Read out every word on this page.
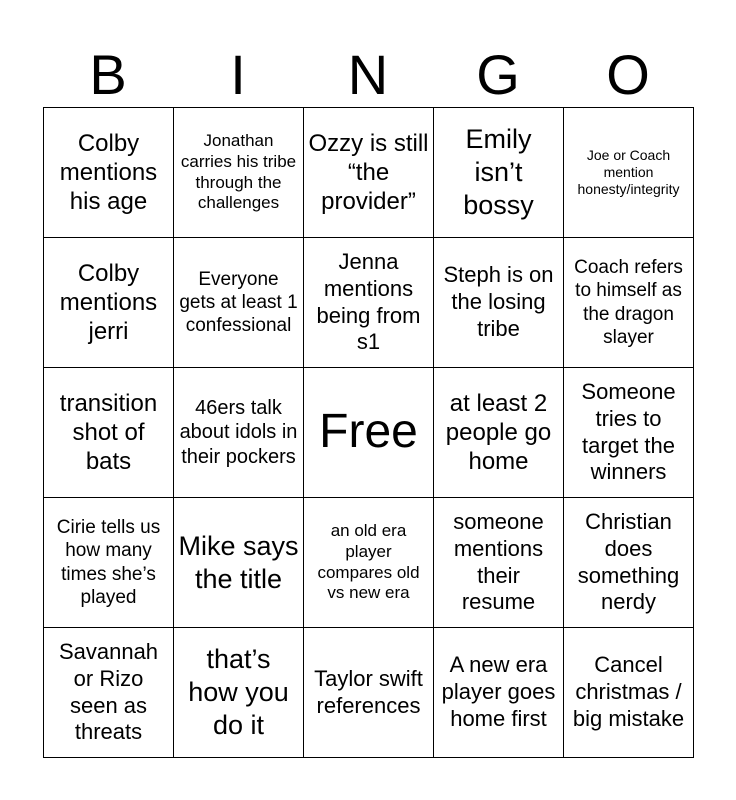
B	I	N	G	O
Colby mentions his age	Jonathan carries his tribe through the challenges	Ozzy is still “the provider”	Emily isn’t bossy	Joe or Coach mention honesty/integrity
Colby mentions jerri	Everyone gets at least 1 confessional	Jenna mentions being from s1	Steph is on the losing tribe	Coach refers to himself as the dragon slayer
transition shot of bats	46ers talk about idols in their pockers	Free	at least 2 people go home	Someone tries to target the winners
Cirie tells us how many times she’s played	Mike says the title	an old era player compares old vs new era	someone mentions their resume	Christian does something nerdy
Savannah or Rizo seen as threats	that’s how you do it	Taylor swift references	A new era player goes home first	Cancel christmas / big mistake
